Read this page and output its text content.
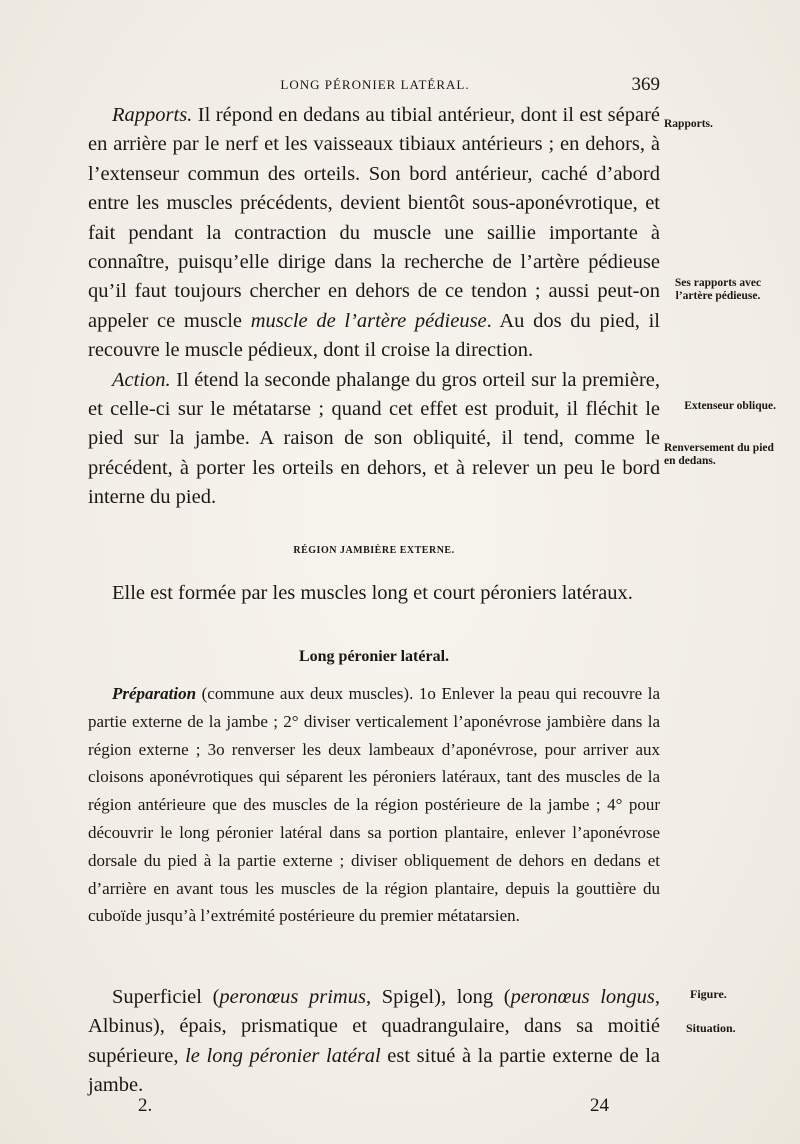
LONG PÉRONIER LATÉRAL.	369

Rapports. Il répond en dedans au tibial antérieur, dont il est séparé en arrière par le nerf et les vaisseaux tibiaux antérieurs ; en dehors, à l’extenseur commun des orteils. Son bord antérieur, caché d’abord entre les muscles précédents, devient bientôt sous-aponévrotique, et fait pendant la contraction du muscle une saillie importante à connaître, puisqu’elle dirige dans la recherche de l’artère pédieuse qu’il faut toujours chercher en dehors de ce tendon ; aussi peut-on appeler ce muscle muscle de l’artère pédieuse. Au dos du pied, il recouvre le muscle pédieux, dont il croise la direction.

Action. Il étend la seconde phalange du gros orteil sur la première, et celle-ci sur le métatarse ; quand cet effet est produit, il fléchit le pied sur la jambe. A raison de son obliquité, il tend, comme le précédent, à porter les orteils en dehors, et à relever un peu le bord interne du pied.

RÉGION JAMBIÈRE EXTERNE.

Elle est formée par les muscles long et court péroniers latéraux.

Long péronier latéral.

Préparation (commune aux deux muscles). 1o Enlever la peau qui recouvre la partie externe de la jambe ; 2° diviser verticalement l’aponévrose jambière dans la région externe ; 3o renverser les deux lambeaux d’aponévrose, pour arriver aux cloisons aponévrotiques qui séparent les péroniers latéraux, tant des muscles de la région antérieure que des muscles de la région postérieure de la jambe ; 4° pour découvrir le long péronier latéral dans sa portion plantaire, enlever l’aponévrose dorsale du pied à la partie externe ; diviser obliquement de dehors en dedans et d’arrière en avant tous les muscles de la région plantaire, depuis la gouttière du cuboïde jusqu’à l’extrémité postérieure du premier métatarsien.

Superficiel (peronœus primus, Spigel), long (peronœus longus, Albinus), épais, prismatique et quadrangulaire, dans sa moitié supérieure, le long péronier latéral est situé à la partie externe de la jambe.

Rapports.
Ses rapports avec l’artère pédieuse.
Extenseur oblique.
Renversement du pied en dedans.
Figure.
Situation.
2.	24
